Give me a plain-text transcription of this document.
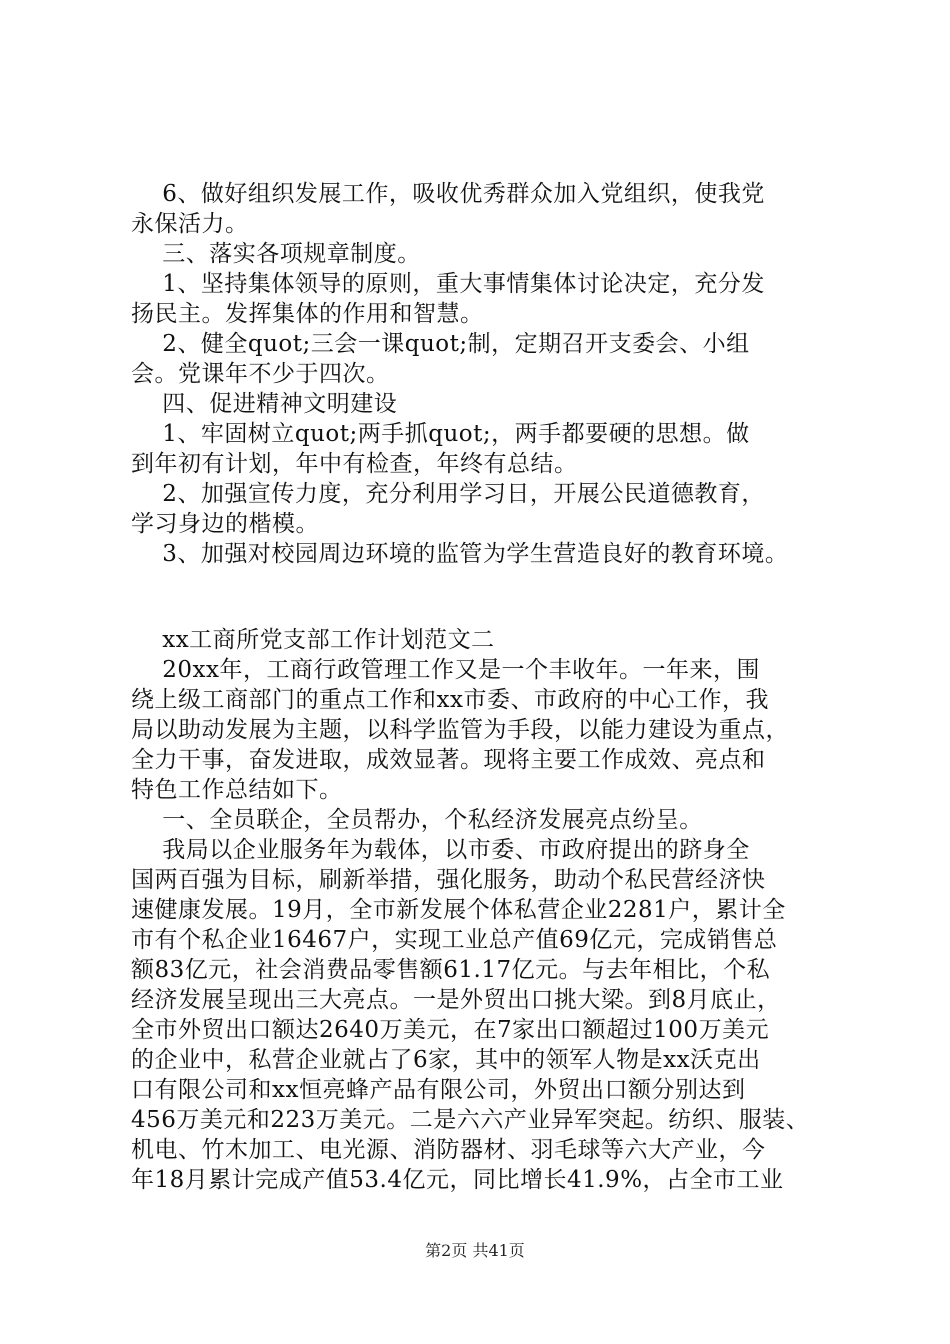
6、做好组织发展工作，吸收优秀群众加入党组织，使我党

永保活力。

三、落实各项规章制度。

1、坚持集体领导的原则，重大事情集体讨论决定，充分发

扬民主。发挥集体的作用和智慧。

2、健全quot;三会一课quot;制，定期召开支委会、小组

会。党课年不少于四次。

四、促进精神文明建设

1、牢固树立quot;两手抓quot;，两手都要硬的思想。做

到年初有计划，年中有检查，年终有总结。

2、加强宣传力度，充分利用学习日，开展公民道德教育，

学习身边的楷模。

3、加强对校园周边环境的监管为学生营造良好的教育环境。

xx工商所党支部工作计划范文二

20xx年，工商行政管理工作又是一个丰收年。一年来，围

绕上级工商部门的重点工作和xx市委、市政府的中心工作，我

局以助动发展为主题，以科学监管为手段，以能力建设为重点，

全力干事，奋发进取，成效显著。现将主要工作成效、亮点和

特色工作总结如下。

一、全员联企，全员帮办，个私经济发展亮点纷呈。

我局以企业服务年为载体，以市委、市政府提出的跻身全

国两百强为目标，刷新举措，强化服务，助动个私民营经济快

速健康发展。19月，全市新发展个体私营企业2281户，累计全

市有个私企业16467户，实现工业总产值69亿元，完成销售总

额83亿元，社会消费品零售额61.17亿元。与去年相比，个私

经济发展呈现出三大亮点。一是外贸出口挑大梁。到8月底止，

全市外贸出口额达2640万美元，在7家出口额超过100万美元

的企业中，私营企业就占了6家，其中的领军人物是xx沃克出

口有限公司和xx恒亮蜂产品有限公司，外贸出口额分别达到

456万美元和223万美元。二是六六产业异军突起。纺织、服装、

机电、竹木加工、电光源、消防器材、羽毛球等六大产业，今

年18月累计完成产值53.4亿元，同比增长41.9%，占全市工业

第2页 共41页
